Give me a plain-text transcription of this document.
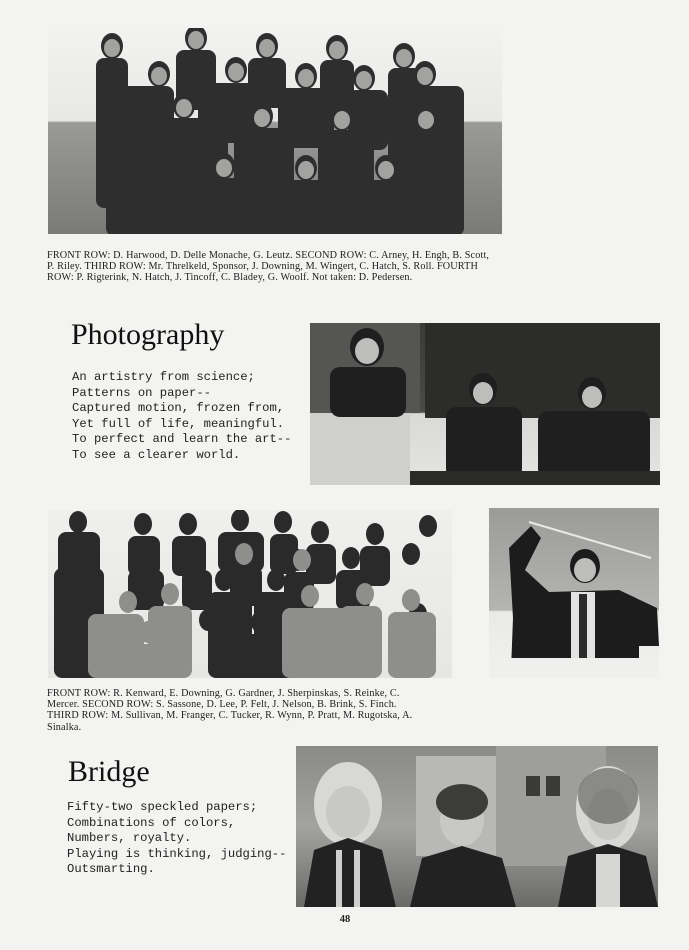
FRONT ROW: D. Harwood, D. Delle Monache, G. Leutz. SECOND ROW: C. Arney, H. Engh, B. Scott, P. Riley. THIRD ROW: Mr. Threlkeld, Sponsor, J. Downing, M. Wingert, C. Hatch, S. Roll. FOURTH ROW: P. Rigterink, N. Hatch, J. Tincoff, C. Bladey, G. Woolf. Not taken: D. Pedersen.

Photography
An artistry from science;
Patterns on paper--
Captured motion, frozen from,
Yet full of life, meaningful.
To perfect and learn the art--
To see a clearer world.

FRONT ROW: R. Kenward, E. Downing, G. Gardner, J. Sherpinskas, S. Reinke, C. Mercer. SECOND ROW: S. Sassone, D. Lee, P. Felt, J. Nelson, B. Brink, S. Finch. THIRD ROW: M. Sullivan, M. Franger, C. Tucker, R. Wynn, P. Pratt, M. Rugotska, A. Sinalka.

Bridge
Fifty-two speckled papers;
Combinations of colors,
Numbers, royalty.
Playing is thinking, judging--
Outsmarting.
48
